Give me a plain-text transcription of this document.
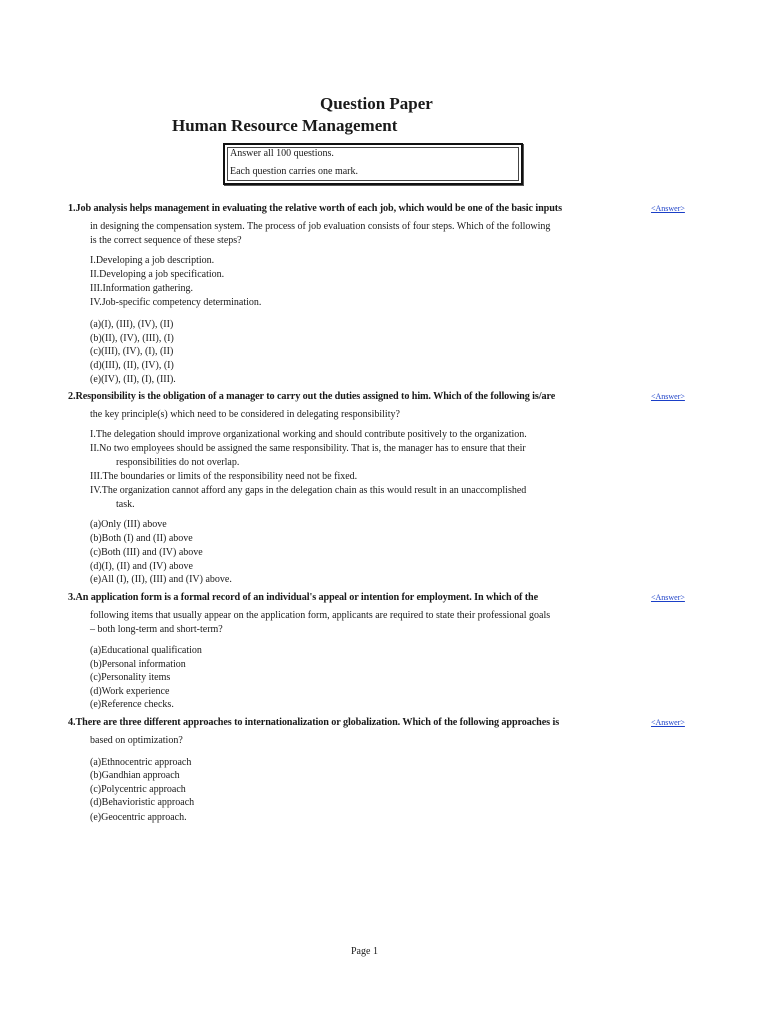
Question Paper
Human Resource Management
Answer all 100 questions.
Each question carries one mark.
1.Job analysis helps management in evaluating the relative worth of each job, which would be one of the basic inputs	<Answer>
in designing the compensation system. The process of job evaluation consists of four steps. Which of the following
is the correct sequence of these steps?
I.Developing a job description.
II.Developing a job specification.
III.Information gathering.
IV.Job-specific competency determination.
(a)(I), (III), (IV), (II)
(b)(II), (IV), (III), (I)
(c)(III), (IV), (I), (II)
(d)(III), (II), (IV), (I)
(e)(IV), (II), (I), (III).
2.Responsibility is the obligation of a manager to carry out the duties assigned to him. Which of the following is/are	<Answer>
the key principle(s) which need to be considered in delegating responsibility?
I.The delegation should improve organizational working and should contribute positively to the organization.
II.No two employees should be assigned the same responsibility. That is, the manager has to ensure that their
responsibilities do not overlap.
III.The boundaries or limits of the responsibility need not be fixed.
IV.The organization cannot afford any gaps in the delegation chain as this would result in an unaccomplished
task.
(a)Only (III) above
(b)Both (I) and (II) above
(c)Both (III) and (IV) above
(d)(I), (II) and (IV) above
(e)All (I), (II), (III) and (IV) above.
3.An application form is a formal record of an individual's appeal or intention for employment. In which of the	<Answer>
following items that usually appear on the application form, applicants are required to state their professional goals
– both long-term and short-term?
(a)Educational qualification
(b)Personal information
(c)Personality items
(d)Work experience
(e)Reference checks.
4.There are three different approaches to internationalization or globalization. Which of the following approaches is	<Answer>
based on optimization?
(a)Ethnocentric approach
(b)Gandhian approach
(c)Polycentric approach
(d)Behavioristic approach
(e)Geocentric approach.
Page 1
